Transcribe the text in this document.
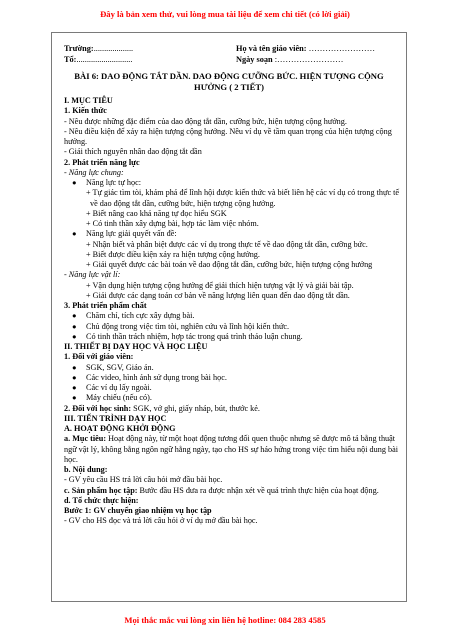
Đây là bản xem thử, vui lòng mua tài liệu để xem chi tiết (có lời giải)
Trường:...................
Tổ:...........................
Họ và tên giáo viên: ……………………
Ngày soạn :……………………
BÀI 6: DAO ĐỘNG TẮT DẦN. DAO ĐỘNG CƯỠNG BỨC. HIỆN TƯỢNG CỘNG HƯỞNG ( 2 TIẾT)

I. MỤC TIÊU

1. Kiến thức

- Nêu được những đặc điểm của dao động tắt dần, cưỡng bức, hiện tượng cộng hưởng.

- Nêu điều kiện để xảy ra hiện tượng cộng hưởng. Nêu ví dụ về tầm quan trọng của hiện tượng cộng hưởng.

- Giải thích nguyên nhân dao động tắt dần

2. Phát triển năng lực

- Năng lực chung:

● Năng lực tự học:

+ Tự giác tìm tòi, khám phá để lĩnh hội được kiến thức và biết liên hệ các ví dụ có trong thực tế về dao động tắt dần, cưỡng bức, hiện tượng cộng hưởng.

+ Biết nâng cao khả năng tự đọc hiểu SGK

+ Có tinh thần xây dựng bài, hợp tác làm việc nhóm.

● Năng lực giải quyết vấn đề:

+ Nhận biết và phân biệt được các ví dụ trong thực tế về dao động tắt dần, cưỡng bức.

+ Biết được điều kiện xảy ra hiện tượng cộng hưởng.

+ Giải quyết được các bài toán về dao động tắt dần, cưỡng bức, hiện tượng cộng hưởng

- Năng lực vật lí:

+ Vận dụng hiện tượng cộng hưởng để giải thích hiện tượng vật lý và giải bài tập.

+ Giải được các dạng toán cơ bản về năng lượng liên quan đến dao động tắt dần.

3. Phát triển phẩm chất

● Chăm chỉ, tích cực xây dựng bài.

● Chủ động trong việc tìm tòi, nghiên cứu và lĩnh hội kiến thức.

● Có tinh thần trách nhiệm, hợp tác trong quá trình thảo luận chung.

II. THIẾT BỊ DẠY HỌC VÀ HỌC LIỆU

1. Đối với giáo viên:

● SGK, SGV, Giáo án.

● Các video, hình ảnh sử dụng trong bài học.

● Các ví dụ lấy ngoài.

● Máy chiếu (nếu có).

2. Đối với học sinh: SGK, vở ghi, giấy nháp, bút, thước kẻ.

III. TIẾN TRÌNH DẠY HỌC

A. HOẠT ĐỘNG KHỞI ĐỘNG

a. Mục tiêu: Hoạt động này, từ một hoạt động tương đối quen thuộc nhưng sẽ được mô tả bằng thuật ngữ vật lý, không bằng ngôn ngữ hằng ngày, tạo cho HS sự háo hứng trong việc tìm hiểu nội dung bài học.

b. Nội dung:

- GV yêu cầu HS trả lời câu hỏi mở đầu bài học.

c. Sản phẩm học tập: Bước đầu HS đưa ra được nhận xét về quá trình thực hiện của hoạt động.

d. Tổ chức thực hiện:

Bước 1: GV chuyển giao nhiệm vụ học tập

- GV cho HS đọc và trả lời câu hỏi ở ví dụ mở đầu bài học.

Mọi thắc mắc vui lòng xin liên hệ hotline: 084 283 4585
